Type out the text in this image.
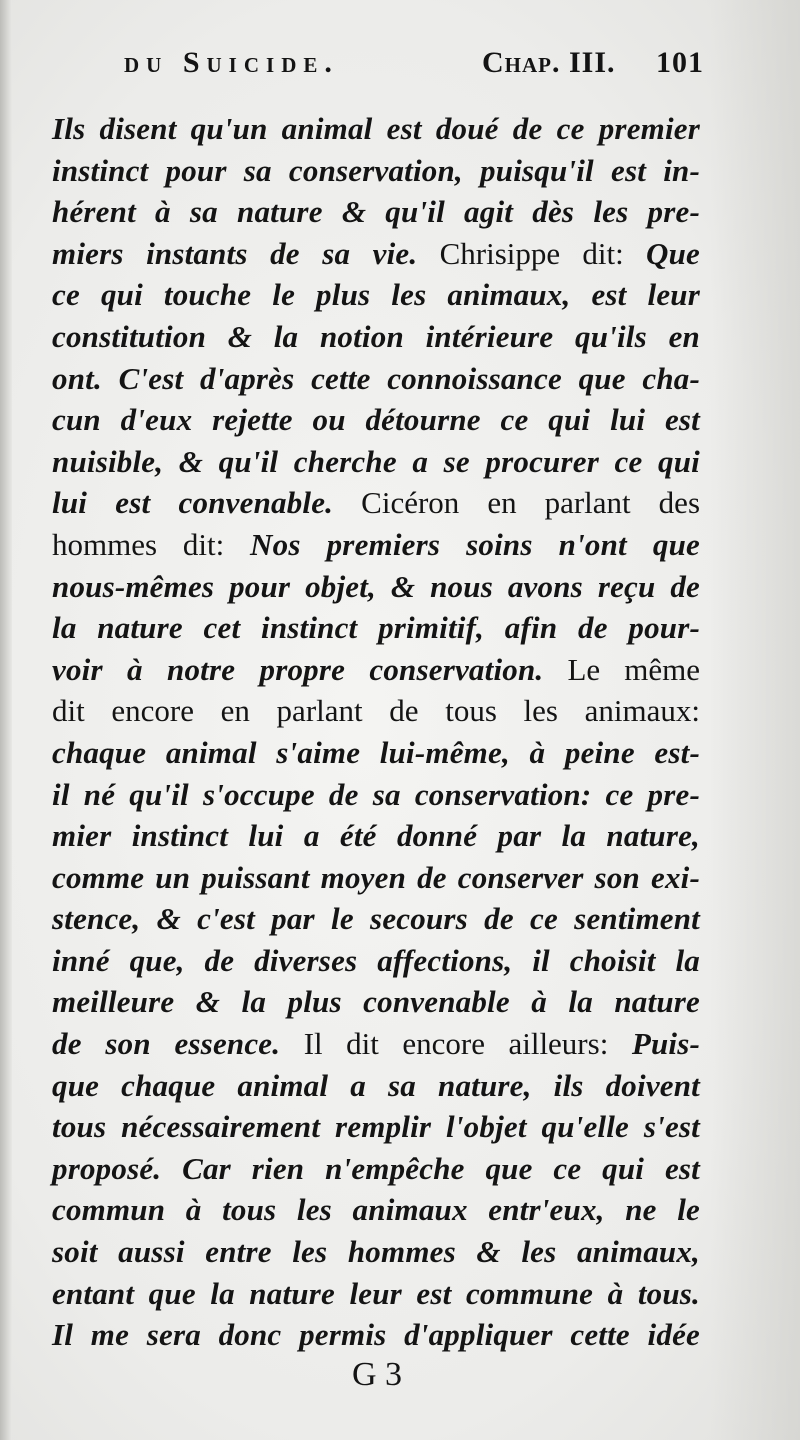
du Suicide.	Chap. III. 101
Ils disent qu'un animal est doué de ce premier
instinct pour sa conservation, puisqu'il est in-
hérent à sa nature & qu'il agit dès les pre-
miers instants de sa vie. Chrisippe dit: Que
ce qui touche le plus les animaux, est leur
constitution & la notion intérieure qu'ils en
ont. C'est d'après cette connoissance que cha-
cun d'eux rejette ou détourne ce qui lui est
nuisible, & qu'il cherche a se procurer ce qui
lui est convenable. Cicéron en parlant des
hommes dit: Nos premiers soins n'ont que
nous-mêmes pour objet, & nous avons reçu de
la nature cet instinct primitif, afin de pour-
voir à notre propre conservation. Le même
dit encore en parlant de tous les animaux:
chaque animal s'aime lui-même, à peine est-
il né qu'il s'occupe de sa conservation: ce pre-
mier instinct lui a été donné par la nature,
comme un puissant moyen de conserver son exi-
stence, & c'est par le secours de ce sentiment
inné que, de diverses affections, il choisit la
meilleure & la plus convenable à la nature
de son essence. Il dit encore ailleurs: Puis-
que chaque animal a sa nature, ils doivent
tous nécessairement remplir l'objet qu'elle s'est
proposé. Car rien n'empêche que ce qui est
commun à tous les animaux entr'eux, ne le
soit aussi entre les hommes & les animaux,
entant que la nature leur est commune à tous.
Il me sera donc permis d'appliquer cette idée
G 3
